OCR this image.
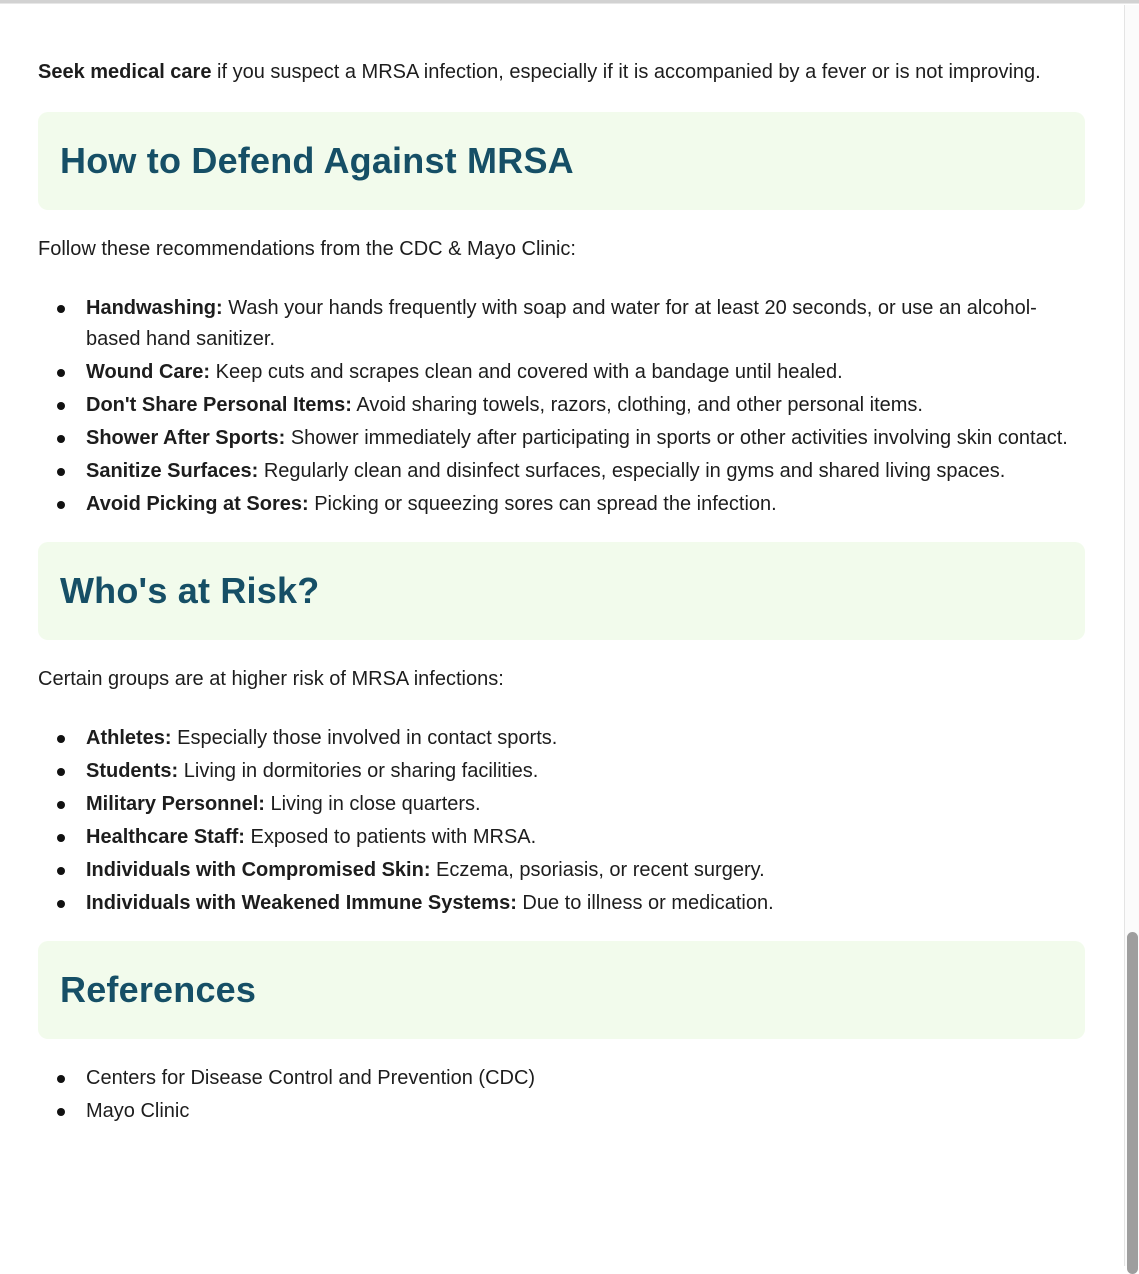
Seek medical care if you suspect a MRSA infection, especially if it is accompanied by a fever or is not improving.

How to Defend Against MRSA

Follow these recommendations from the CDC & Mayo Clinic:

Handwashing: Wash your hands frequently with soap and water for at least 20 seconds, or use an alcohol-based hand sanitizer.
Wound Care: Keep cuts and scrapes clean and covered with a bandage until healed.
Don't Share Personal Items: Avoid sharing towels, razors, clothing, and other personal items.
Shower After Sports: Shower immediately after participating in sports or other activities involving skin contact.
Sanitize Surfaces: Regularly clean and disinfect surfaces, especially in gyms and shared living spaces.
Avoid Picking at Sores: Picking or squeezing sores can spread the infection.
Who's at Risk?

Certain groups are at higher risk of MRSA infections:

Athletes: Especially those involved in contact sports.
Students: Living in dormitories or sharing facilities.
Military Personnel: Living in close quarters.
Healthcare Staff: Exposed to patients with MRSA.
Individuals with Compromised Skin: Eczema, psoriasis, or recent surgery.
Individuals with Weakened Immune Systems: Due to illness or medication.
References
Centers for Disease Control and Prevention (CDC)
Mayo Clinic
